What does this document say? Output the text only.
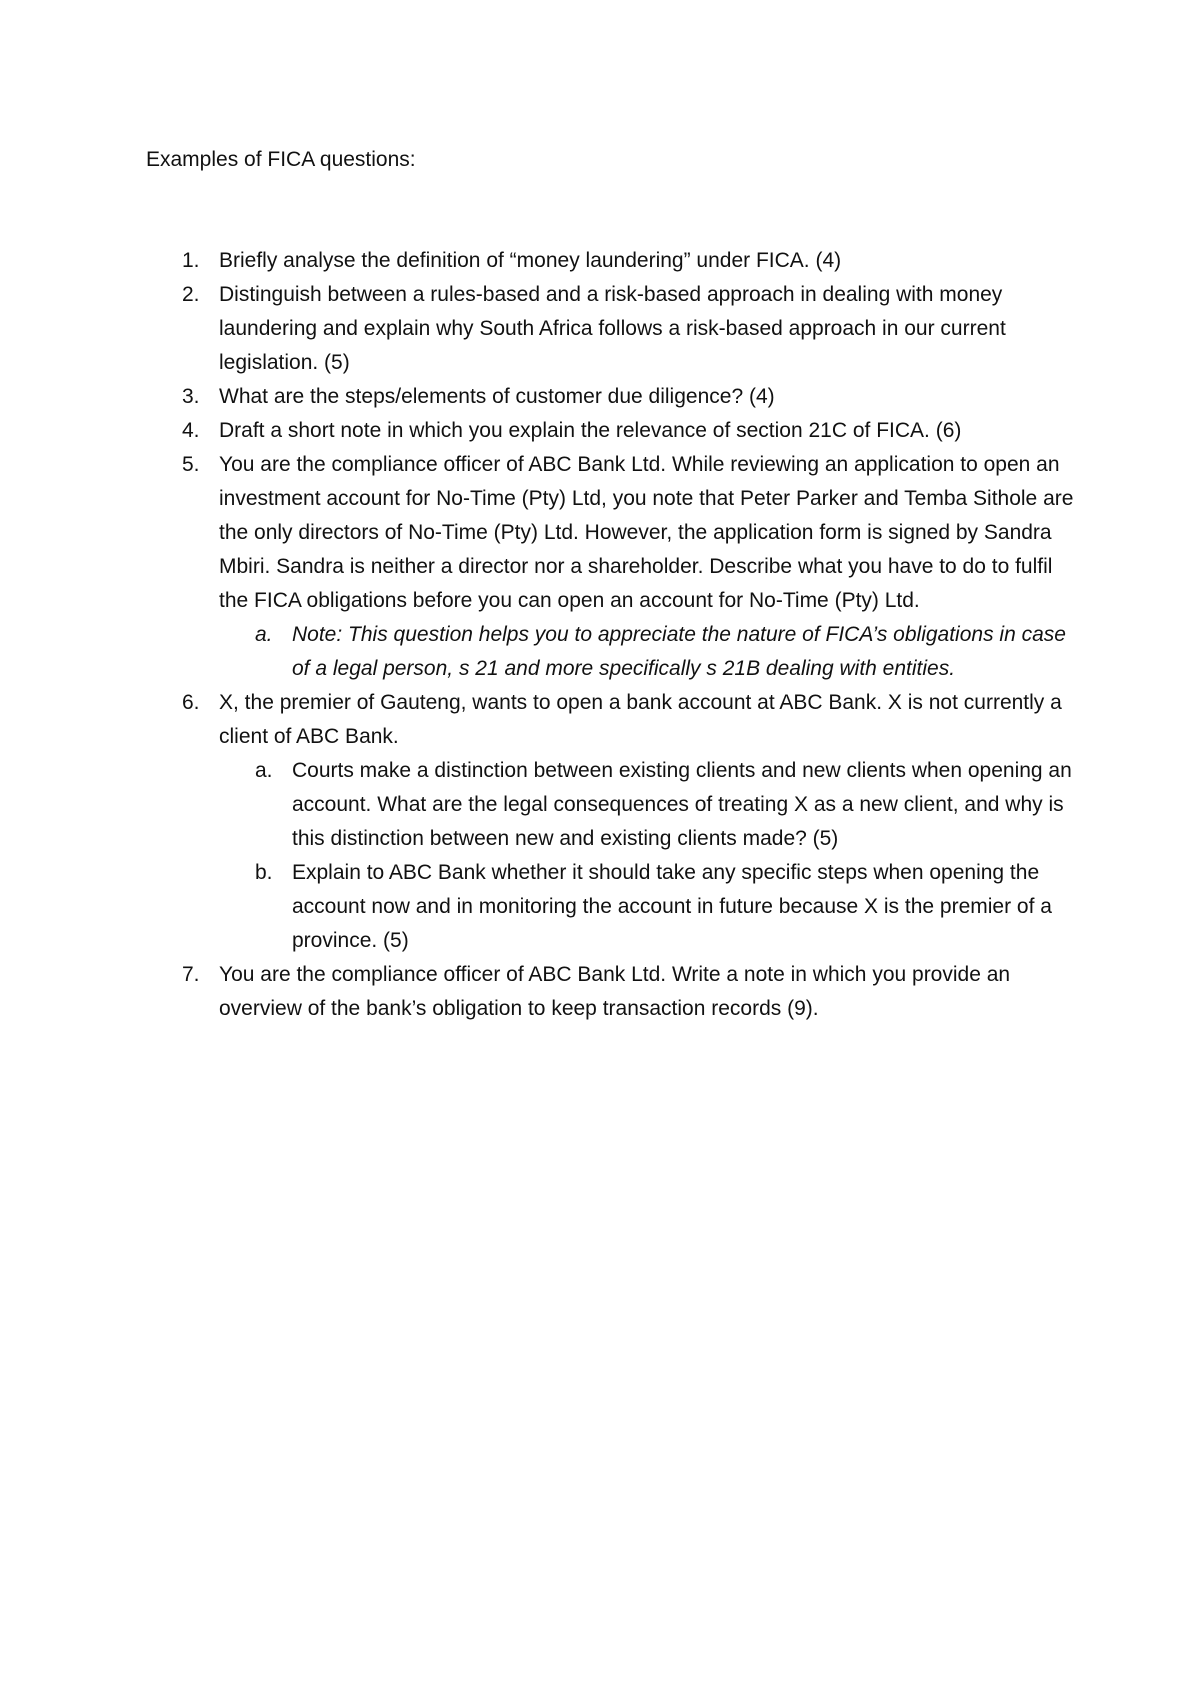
Examples of FICA questions:

1. Briefly analyse the definition of “money laundering” under FICA. (4)
2. Distinguish between a rules-based and a risk-based approach in dealing with money laundering and explain why South Africa follows a risk-based approach in our current legislation. (5)
3. What are the steps/elements of customer due diligence? (4)
4. Draft a short note in which you explain the relevance of section 21C of FICA. (6)
5. You are the compliance officer of ABC Bank Ltd. While reviewing an application to open an investment account for No-Time (Pty) Ltd, you note that Peter Parker and Temba Sithole are the only directors of No-Time (Pty) Ltd. However, the application form is signed by Sandra Mbiri. Sandra is neither a director nor a shareholder. Describe what you have to do to fulfil the FICA obligations before you can open an account for No-Time (Pty) Ltd.
a. Note: This question helps you to appreciate the nature of FICA’s obligations in case of a legal person, s 21 and more specifically s 21B dealing with entities.
6. X, the premier of Gauteng, wants to open a bank account at ABC Bank. X is not currently a client of ABC Bank.
a. Courts make a distinction between existing clients and new clients when opening an account. What are the legal consequences of treating X as a new client, and why is this distinction between new and existing clients made? (5)
b. Explain to ABC Bank whether it should take any specific steps when opening the account now and in monitoring the account in future because X is the premier of a province. (5)
7. You are the compliance officer of ABC Bank Ltd. Write a note in which you provide an overview of the bank’s obligation to keep transaction records (9).
